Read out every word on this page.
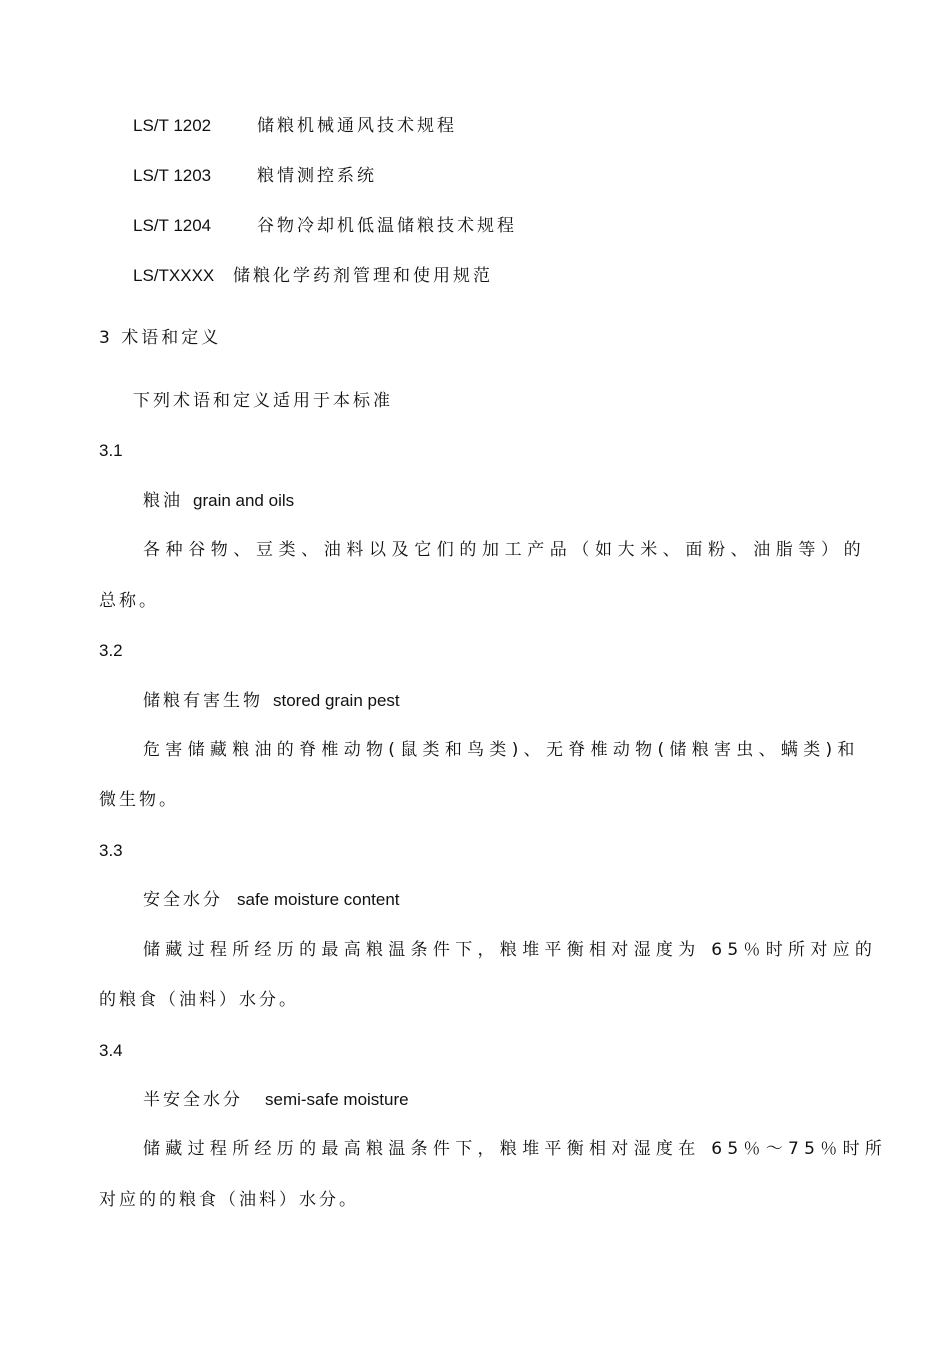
LS/T 1202	储粮机械通风技术规程
LS/T 1203	粮情测控系统
LS/T 1204	谷物冷却机低温储粮技术规程
LS/TXXXX 储粮化学药剂管理和使用规范
3 术语和定义
下列术语和定义适用于本标准
3.1
粮油 grain and oils
各种谷物、豆类、油料以及它们的加工产品（如大米、面粉、油脂等）的
总称。
3.2
储粮有害生物 stored grain pest
危害储藏粮油的脊椎动物(鼠类和鸟类)、无脊椎动物(储粮害虫、螨类)和
微生物。
3.3
安全水分 safe moisture content
储藏过程所经历的最高粮温条件下，粮堆平衡相对湿度为 65％时所对应的
的粮食（油料）水分。
3.4
半安全水分 semi-safe moisture
储藏过程所经历的最高粮温条件下，粮堆平衡相对湿度在 65％～75％时所
对应的的粮食（油料）水分。
